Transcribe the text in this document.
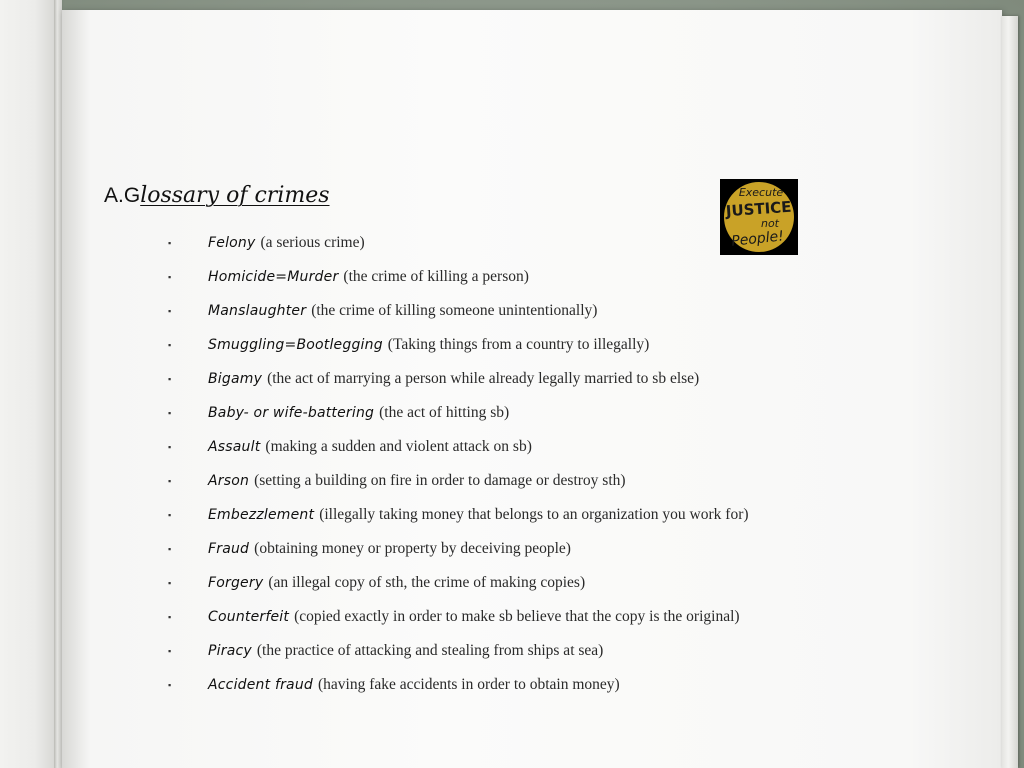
A.Glossary of crimes	Execute
JUSTICE
not
People!
▪	Felony (a serious crime)
▪	Homicide=Murder (the crime of killing a person)
▪	Manslaughter (the crime of killing someone unintentionally)
▪	Smuggling=Bootlegging (Taking things from a country to illegally)
▪	Bigamy (the act of marrying a person while already legally married to sb else)
▪	Baby- or wife-battering (the act of hitting sb)
▪	Assault (making a sudden and violent attack on sb)
▪	Arson (setting a building on fire in order to damage or destroy sth)
▪	Embezzlement (illegally taking money that belongs to an organization you work for)
▪	Fraud (obtaining money or property by deceiving people)
▪	Forgery (an illegal copy of sth, the crime of making copies)
▪	Counterfeit (copied exactly in order to make sb believe that the copy is the original)
▪	Piracy (the practice of attacking and stealing from ships at sea)
▪	Accident fraud (having fake accidents in order to obtain money)
